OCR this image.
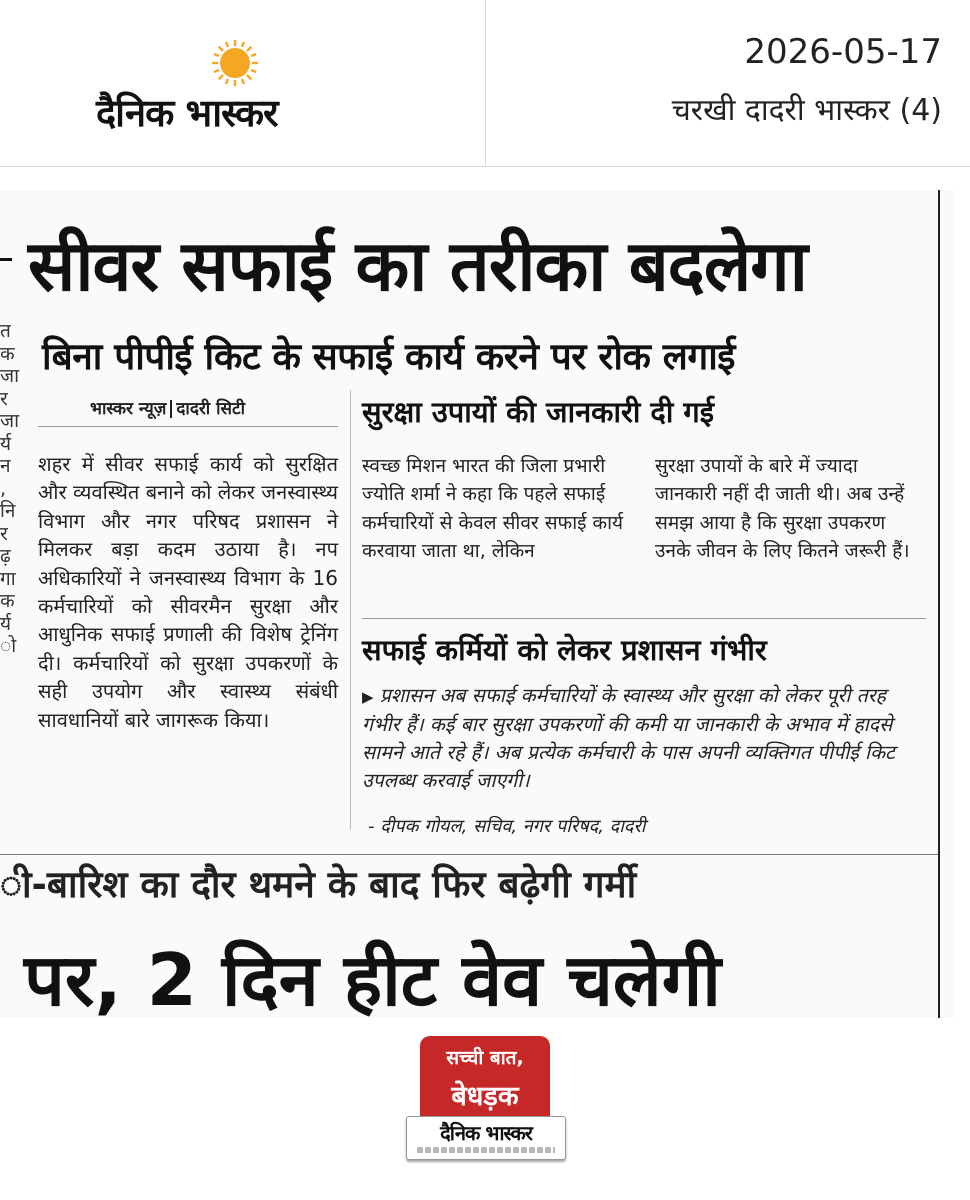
दैनिक भास्कर
2026-05-17
चरखी दादरी भास्कर (4)
त
क
जा
र
जा
र्य
न
,
नि
र
ढ़
गा
क
र्य
ो
सीवर सफाई का तरीका बदलेगा
बिना पीपीई किट के सफाई कार्य करने पर रोक लगाई
भास्कर न्यूज़ दादरी सिटी

शहर में सीवर सफाई कार्य को सुरक्षित और व्यवस्थित बनाने को लेकर जनस्वास्थ्य विभाग और नगर परिषद प्रशासन ने मिलकर बड़ा कदम उठाया है। नप अधिकारियों ने जनस्वास्थ्य विभाग के 16 कर्मचारियों को सीवरमैन सुरक्षा और आधुनिक सफाई प्रणाली की विशेष ट्रेनिंग दी। कर्मचारियों को सुरक्षा उपकरणों के सही उपयोग और स्वास्थ्य संबंधी सावधानियों बारे जागरूक किया।

सुरक्षा उपायों की जानकारी दी गई

स्वच्छ मिशन भारत की जिला प्रभारी ज्योति शर्मा ने कहा कि पहले सफाई कर्मचारियों से केवल सीवर सफाई कार्य करवाया जाता था, लेकिन

सुरक्षा उपायों के बारे में ज्यादा जानकारी नहीं दी जाती थी। अब उन्हें समझ आया है कि सुरक्षा उपकरण उनके जीवन के लिए कितने जरूरी हैं।

सफाई कर्मियों को लेकर प्रशासन गंभीर

▶ प्रशासन अब सफाई कर्मचारियों के स्वास्थ्य और सुरक्षा को लेकर पूरी तरह गंभीर हैं। कई बार सुरक्षा उपकरणों की कमी या जानकारी के अभाव में हादसे सामने आते रहे हैं। अब प्रत्येक कर्मचारी के पास अपनी व्यक्तिगत पीपीई किट उपलब्ध करवाई जाएगी।

- दीपक गोयल, सचिव, नगर परिषद, दादरी
ी-बारिश का दौर थमने के बाद फिर बढ़ेगी गर्मी
पर, 2 दिन हीट वेव चलेगी
सच्ची बात,
बेधड़क
दैनिक भास्कर
